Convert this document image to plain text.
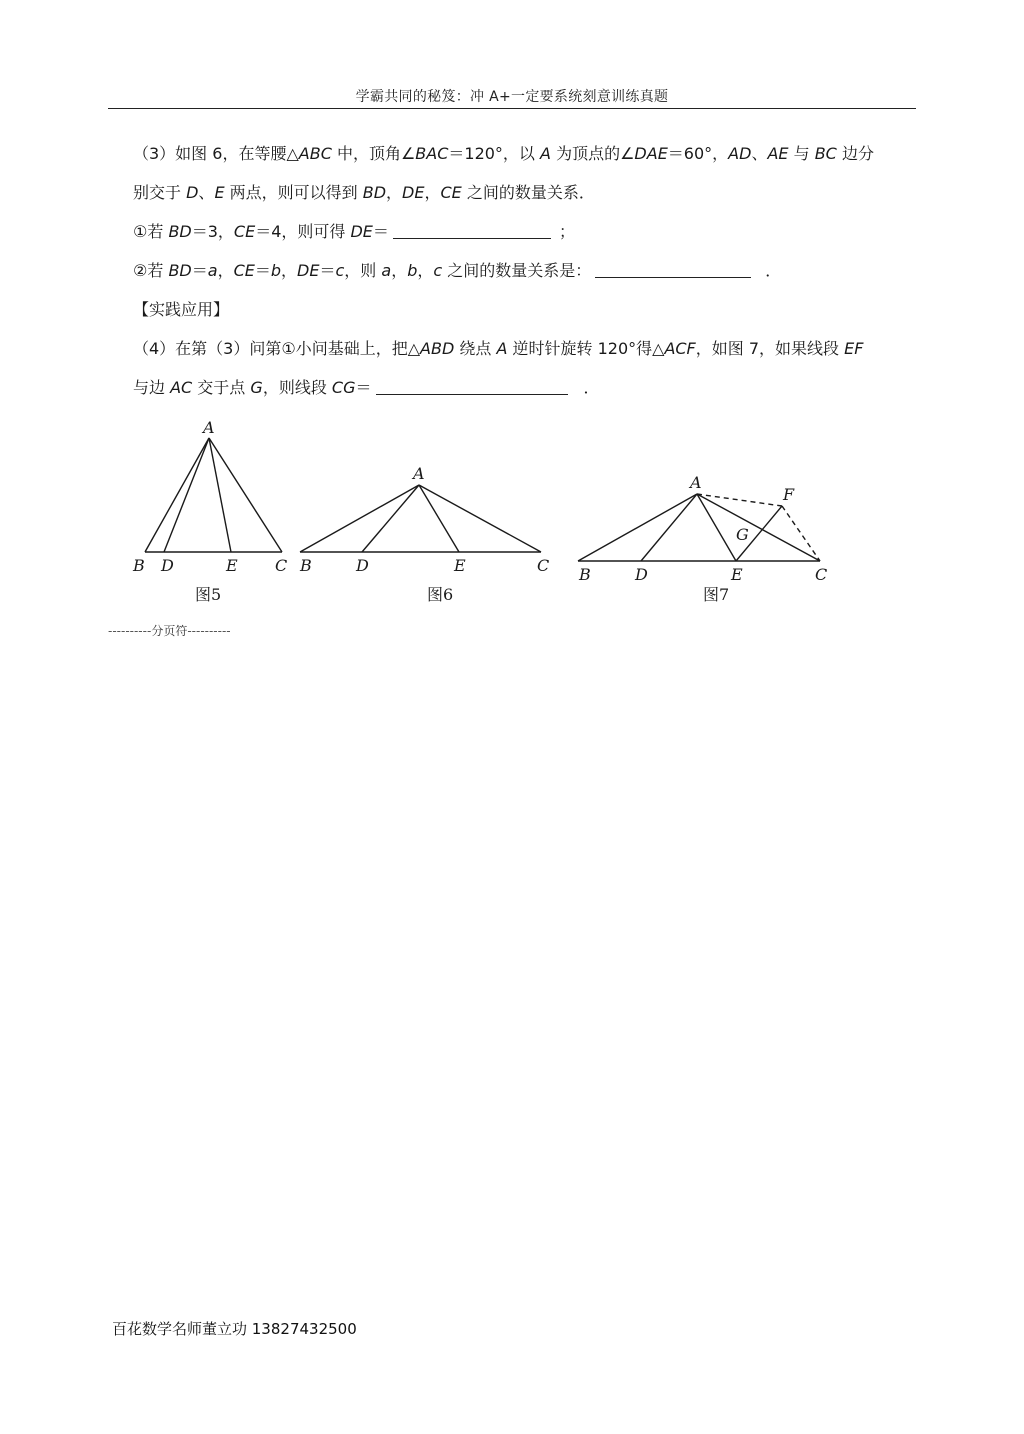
学霸共同的秘笈：冲 A+一定要系统刻意训练真题
（3）如图 6，在等腰△ABC 中，顶角∠BAC＝120°，以 A 为顶点的∠DAE＝60°，AD、AE 与 BC 边分
别交于 D、E 两点，则可以得到 BD，DE，CE 之间的数量关系．
①若 BD＝3，CE＝4，则可得 DE＝	；
②若 BD＝a，CE＝b，DE＝c，则 a，b，c 之间的数量关系是：	．
【实践应用】
（4）在第（3）问第①小问基础上，把△ABD 绕点 A 逆时针旋转 120°得△ACF，如图 7，如果线段 EF
与边 AC 交于点 G，则线段 CG＝	．
A
B D	E C
图5
A
B	D	E	C
图6
A
F
G
B	D	E	C
图7
----------分页符----------
百花数学名师董立功 13827432500
